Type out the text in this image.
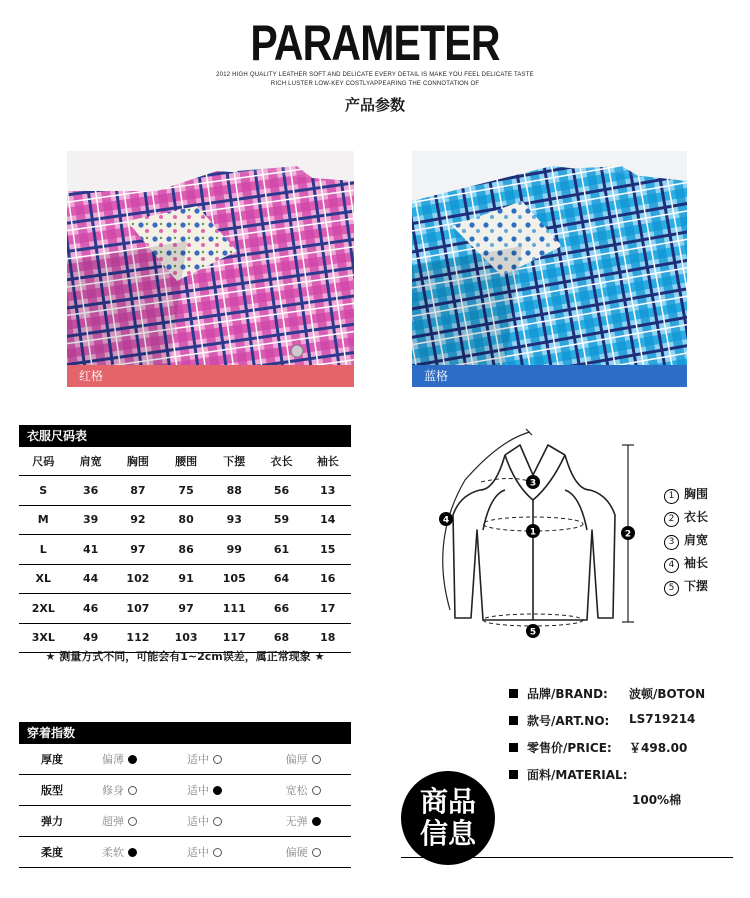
PARAMETER
2012 HIGH QUALITY LEATHER SOFT AND DELICATE EVERY DETAIL IS MAKE YOU FEEL DELICATE TASTE
RICH LUSTER LOW-KEY COSTLYAPPEARING THE CONNOTATION OF
产品参数
红格	蓝格
衣服尺码表
尺码	肩宽	胸围	腰围	下摆	衣长	袖长
S	36	87	75	88	56	13
M	39	92	80	93	59	14
L	41	97	86	99	61	15
XL	44	102	91	105	64	16
2XL	46	107	97	111	66	17
3XL	49	112	103	117	68	18
★ 测量方式不同，可能会有1~2cm误差，属正常现象 ★
1	2
3
4
5
1 胸围
2 衣长
3 肩宽
4 袖长
5 下摆
穿着指数
厚度	偏薄	适中	偏厚
版型	修身	适中	宽松
弹力	超弹	适中	无弹
柔度	柔软	适中	偏硬
品牌/BRAND: 波顿/BOTON
款号/ART.NO: LS719214
零售价/PRICE: ￥498.00
面料/MATERIAL:
100%棉
商品
信息
